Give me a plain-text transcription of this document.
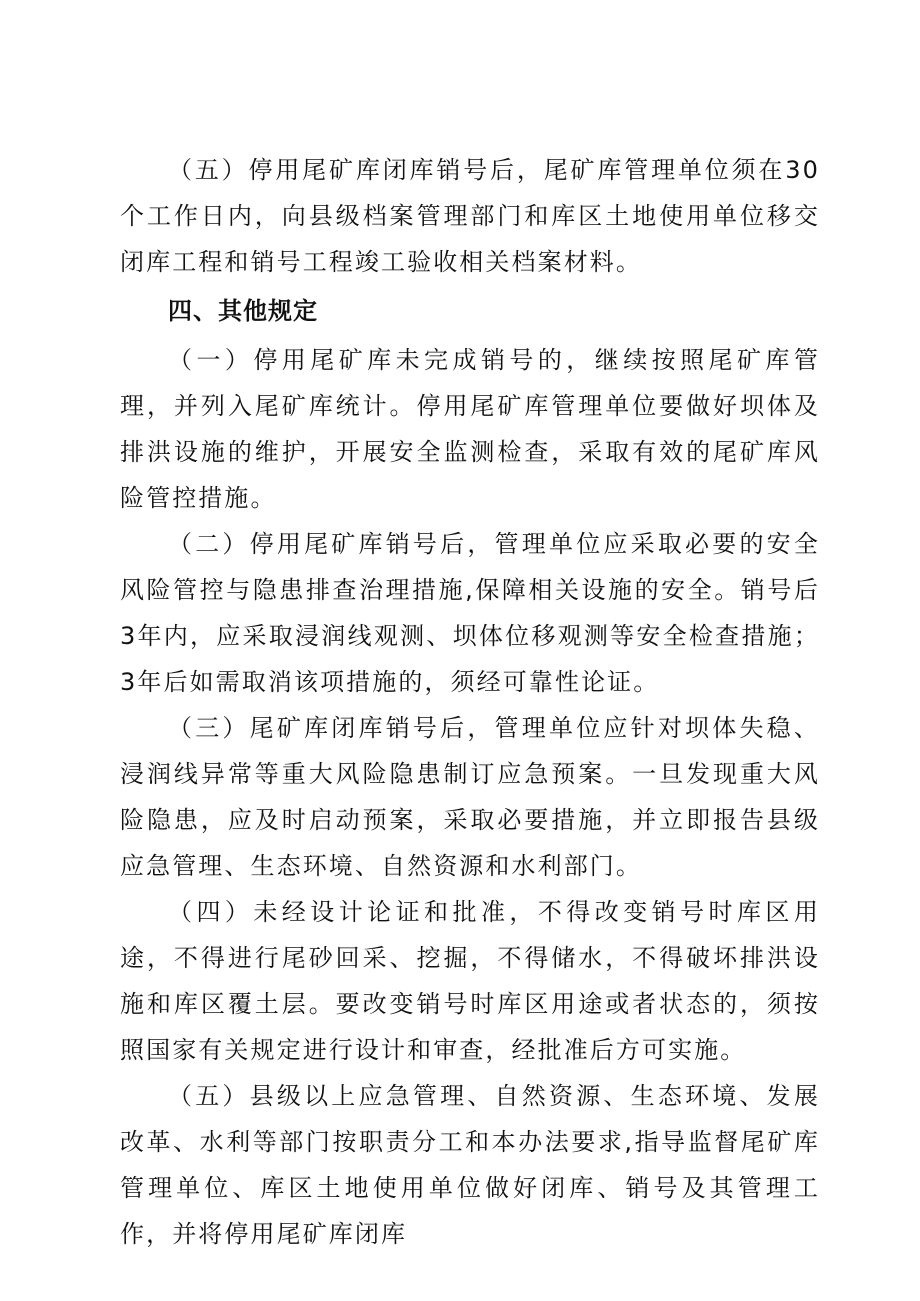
（五）停用尾矿库闭库销号后，尾矿库管理单位须在30个工作日内，向县级档案管理部门和库区土地使用单位移交闭库工程和销号工程竣工验收相关档案材料。

四、其他规定

（一）停用尾矿库未完成销号的，继续按照尾矿库管理，并列入尾矿库统计。停用尾矿库管理单位要做好坝体及排洪设施的维护，开展安全监测检查，采取有效的尾矿库风险管控措施。

（二）停用尾矿库销号后，管理单位应采取必要的安全风险管控与隐患排查治理措施,保障相关设施的安全。销号后3年内，应采取浸润线观测、坝体位移观测等安全检查措施；3年后如需取消该项措施的，须经可靠性论证。

（三）尾矿库闭库销号后，管理单位应针对坝体失稳、浸润线异常等重大风险隐患制订应急预案。一旦发现重大风险隐患，应及时启动预案，采取必要措施，并立即报告县级应急管理、生态环境、自然资源和水利部门。

（四）未经设计论证和批准，不得改变销号时库区用途，不得进行尾砂回采、挖掘，不得储水，不得破坏排洪设施和库区覆土层。要改变销号时库区用途或者状态的，须按照国家有关规定进行设计和审查，经批准后方可实施。

（五）县级以上应急管理、自然资源、生态环境、发展改革、水利等部门按职责分工和本办法要求,指导监督尾矿库管理单位、库区土地使用单位做好闭库、销号及其管理工作，并将停用尾矿库闭库
